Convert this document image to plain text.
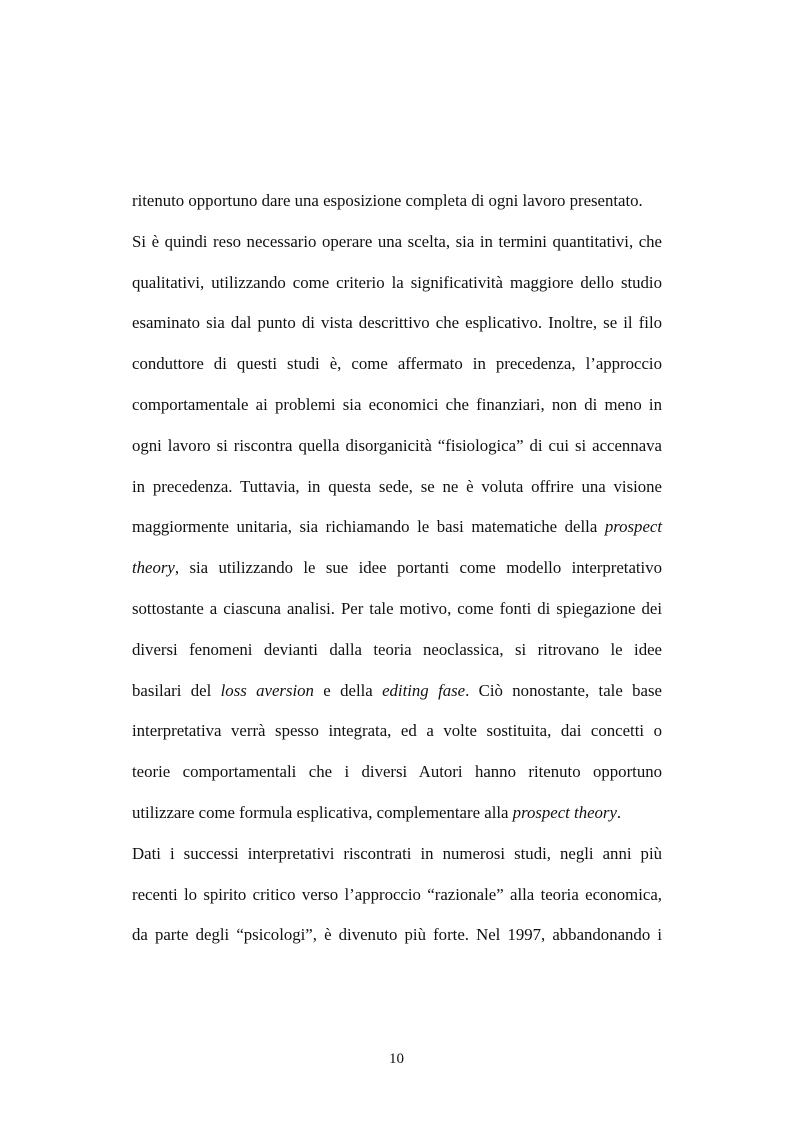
ritenuto opportuno dare una esposizione completa di ogni lavoro presentato.
Si è quindi reso necessario operare una scelta, sia in termini quantitativi, che
qualitativi, utilizzando come criterio la significatività maggiore dello studio
esaminato sia dal punto di vista descrittivo che esplicativo. Inoltre, se il filo
conduttore di questi studi è, come affermato in precedenza, l’approccio
comportamentale ai problemi sia economici che finanziari, non di meno in
ogni lavoro si riscontra quella disorganicità “fisiologica” di cui si accennava
in precedenza. Tuttavia, in questa sede, se ne è voluta offrire una visione
maggiormente unitaria, sia richiamando le basi matematiche della prospect
theory, sia utilizzando le sue idee portanti come modello interpretativo
sottostante a ciascuna analisi. Per tale motivo, come fonti di spiegazione dei
diversi fenomeni devianti dalla teoria neoclassica, si ritrovano le idee
basilari del loss aversion e della editing fase. Ciò nonostante, tale base
interpretativa verrà spesso integrata, ed a volte sostituita, dai concetti o
teorie comportamentali che i diversi Autori hanno ritenuto opportuno
utilizzare come formula esplicativa, complementare alla prospect theory.
Dati i successi interpretativi riscontrati in numerosi studi, negli anni più
recenti lo spirito critico verso l’approccio “razionale” alla teoria economica,
da parte degli “psicologi”, è divenuto più forte. Nel 1997, abbandonando i
10
